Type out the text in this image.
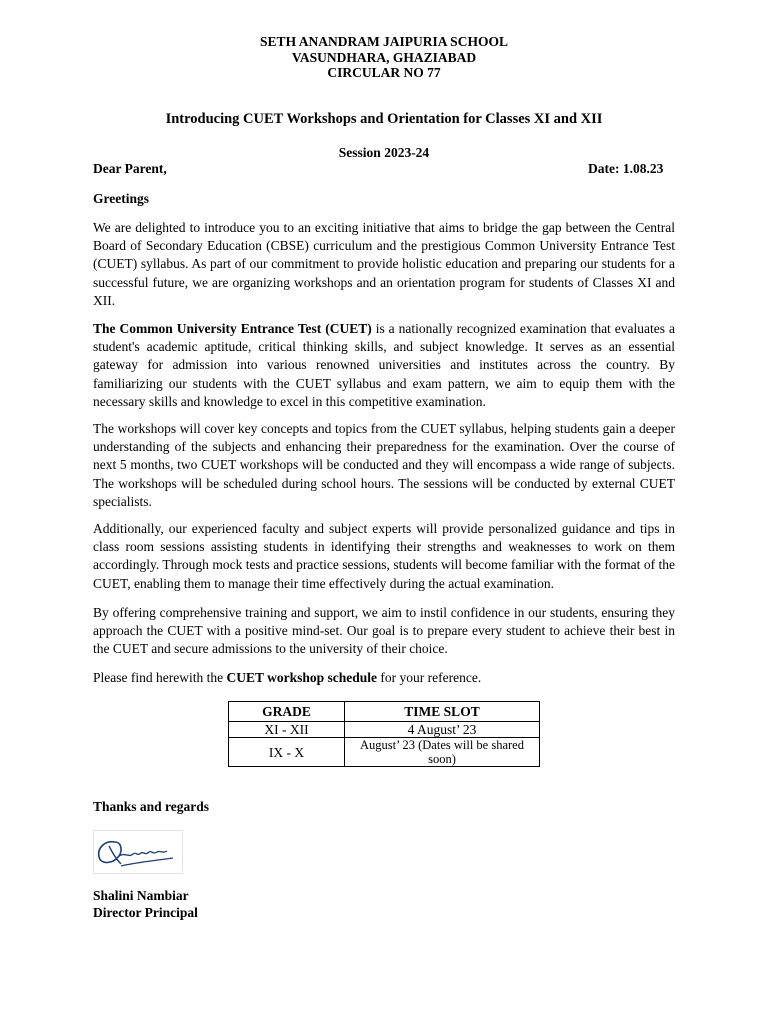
SETH ANANDRAM JAIPURIA SCHOOL
VASUNDHARA, GHAZIABAD
CIRCULAR NO 77
Introducing CUET Workshops and Orientation for Classes XI and XII
Session 2023-24
Dear Parent,	Date: 1.08.23
Greetings

We are delighted to introduce you to an exciting initiative that aims to bridge the gap between the Central Board of Secondary Education (CBSE) curriculum and the prestigious Common University Entrance Test (CUET) syllabus. As part of our commitment to provide holistic education and preparing our students for a successful future, we are organizing workshops and an orientation program for students of Classes XI and XII.

The Common University Entrance Test (CUET) is a nationally recognized examination that evaluates a student's academic aptitude, critical thinking skills, and subject knowledge. It serves as an essential gateway for admission into various renowned universities and institutes across the country. By familiarizing our students with the CUET syllabus and exam pattern, we aim to equip them with the necessary skills and knowledge to excel in this competitive examination.

The workshops will cover key concepts and topics from the CUET syllabus, helping students gain a deeper understanding of the subjects and enhancing their preparedness for the examination. Over the course of next 5 months, two CUET workshops will be conducted and they will encompass a wide range of subjects. The workshops will be scheduled during school hours. The sessions will be conducted by external CUET specialists.

Additionally, our experienced faculty and subject experts will provide personalized guidance and tips in class room sessions assisting students in identifying their strengths and weaknesses to work on them accordingly. Through mock tests and practice sessions, students will become familiar with the format of the CUET, enabling them to manage their time effectively during the actual examination.

By offering comprehensive training and support, we aim to instil confidence in our students, ensuring they approach the CUET with a positive mind-set. Our goal is to prepare every student to achieve their best in the CUET and secure admissions to the university of their choice.

Please find herewith the CUET workshop schedule for your reference.

GRADE	TIME SLOT
XI - XII	4 August’ 23
IX - X	August’ 23 (Dates will be shared soon)
Thanks and regards
Shalini Nambiar
Director Principal
